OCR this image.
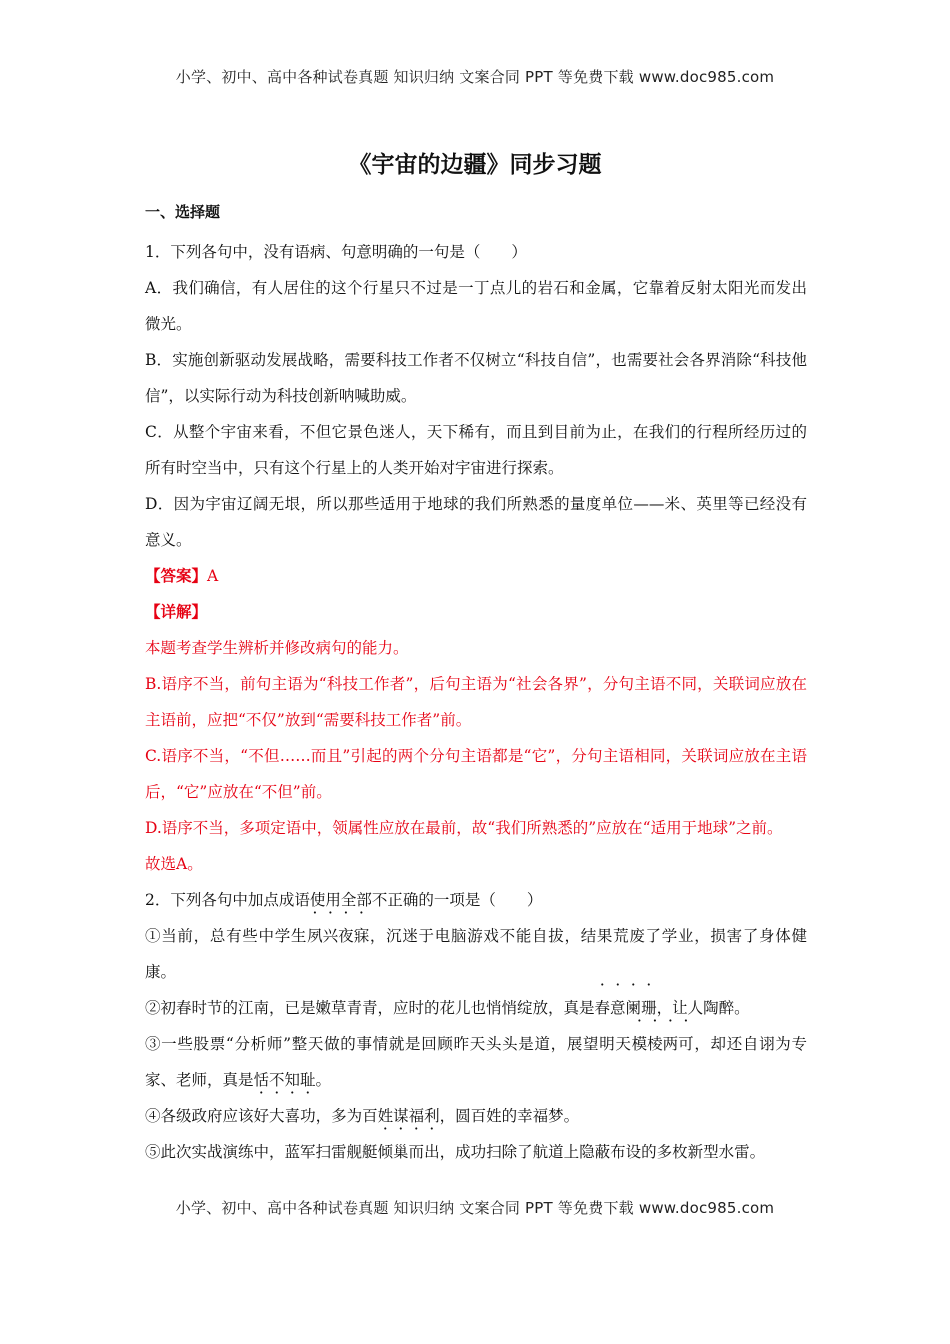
小学、初中、高中各种试卷真题 知识归纳 文案合同 PPT 等免费下载 www.doc985.com
《宇宙的边疆》同步习题
一、选择题

1．下列各句中，没有语病、句意明确的一句是（　　）

A．我们确信，有人居住的这个行星只不过是一丁点儿的岩石和金属，它靠着反射太阳光而发出微光。

B．实施创新驱动发展战略，需要科技工作者不仅树立“科技自信”，也需要社会各界消除“科技他信”，以实际行动为科技创新呐喊助威。

C．从整个宇宙来看，不但它景色迷人，天下稀有，而且到目前为止，在我们的行程所经历过的所有时空当中，只有这个行星上的人类开始对宇宙进行探索。

D．因为宇宙辽阔无垠，所以那些适用于地球的我们所熟悉的量度单位——米、英里等已经没有意义。

【答案】A

【详解】

本题考查学生辨析并修改病句的能力。

B.语序不当，前句主语为“科技工作者”，后句主语为“社会各界”，分句主语不同，关联词应放在主语前，应把“不仅”放到“需要科技工作者”前。

C.语序不当，“不但……而且”引起的两个分句主语都是“它”，分句主语相同，关联词应放在主语后，“它”应放在“不但”前。

D.语序不当，多项定语中，领属性应放在最前，故“我们所熟悉的”应放在“适用于地球”之前。

故选A。

2．下列各句中加点成语使用全部不正确的一项是（　　）

①当前，总有些中学生夙兴夜寐，沉迷于电脑游戏不能自拔，结果荒废了学业，损害了身体健康。

②初春时节的江南，已是嫩草青青，应时的花儿也悄悄绽放，真是春意阑珊，让人陶醉。

③一些股票“分析师”整天做的事情就是回顾昨天头头是道，展望明天模棱两可，却还自诩为专家、老师，真是恬不知耻。

④各级政府应该好大喜功，多为百姓谋福利，圆百姓的幸福梦。

⑤此次实战演练中，蓝军扫雷舰艇倾巢而出，成功扫除了航道上隐蔽布设的多枚新型水雷。

小学、初中、高中各种试卷真题 知识归纳 文案合同 PPT 等免费下载 www.doc985.com
